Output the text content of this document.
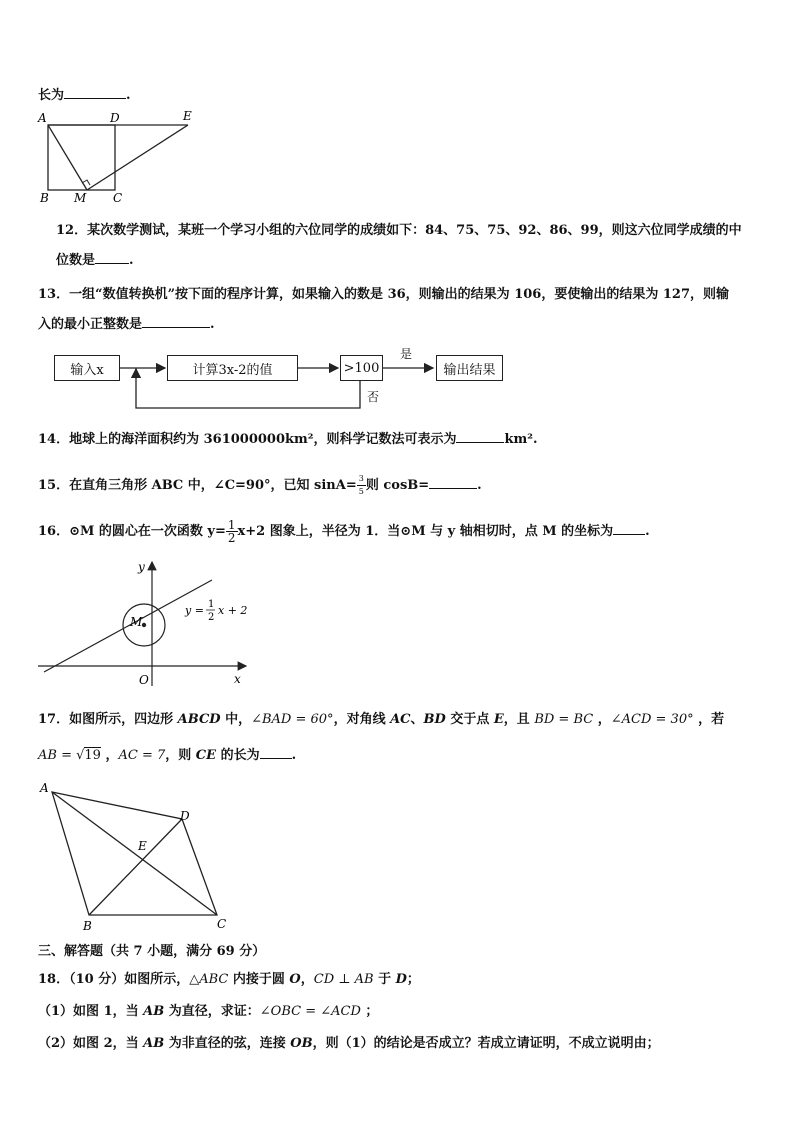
长为	.
A	D	E
B M C
12．某次数学测试，某班一个学习小组的六位同学的成绩如下：84、75、75、92、86、99，则这六位同学成绩的中
位数是	.
13．一组“数值转换机”按下面的程序计算，如果输入的数是 36，则输出的结果为 106，要使输出的结果为 127，则输
入的最小正整数是	.
输入x	计算3x-2的值	>100	输出结果
是
否
14．地球上的海洋面积约为 361000000km²，则科学记数法可表示为	km².
15．在直角三角形 ABC 中，∠C=90°，已知 $\sin A= \frac{3}{5}$ 则 cosB=	.
16．⊙M 的圆心在一次函数 $y= \frac{1}{2} x+2$ 图象上，半径为 1．当⊙M 与 y 轴相切时，点 M 的坐标为 .
y
x
O
M
y = 1
2
x + 2
17．如图所示，四边形 ABCD 中，∠BAD = 60°，对角线 AC、BD 交于点 E，且 BD = BC ，∠ACD = 30° ，若
AB = √19 ，AC = 7，则 CE 的长为 .
A
D
E
B	C
三、解答题（共 7 小题，满分 69 分）
18．（10 分）如图所示，△ABC 内接于圆 O，CD ⊥ AB 于 D；
（1）如图 1，当 AB 为直径，求证：∠OBC = ∠ACD ；
（2）如图 2，当 AB 为非直径的弦，连接 OB，则（1）的结论是否成立？若成立请证明，不成立说明由；
